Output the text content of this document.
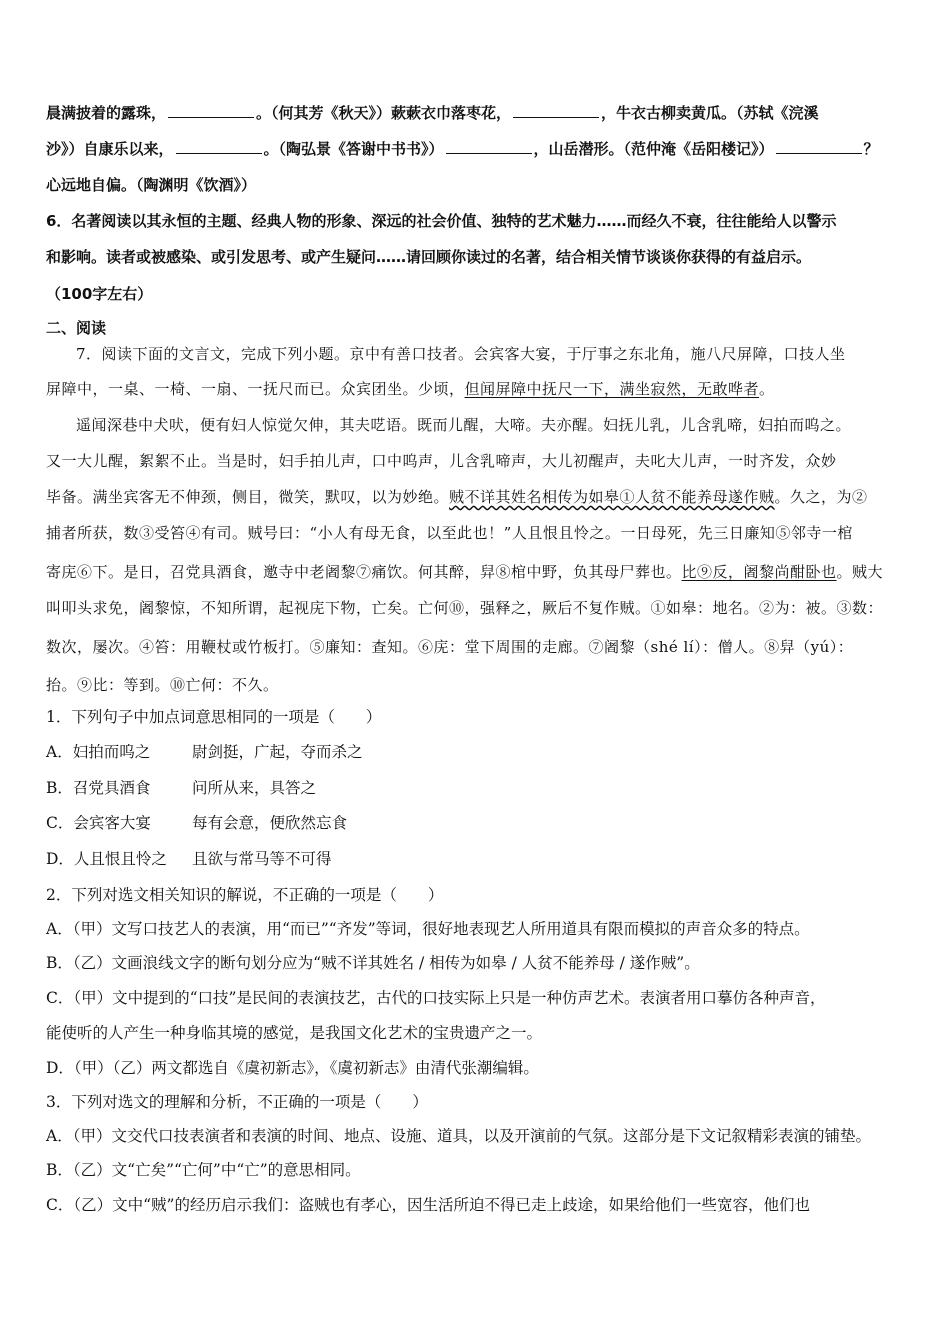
晨满披着的露珠，	。（何其芳《秋天》）蔌蔌衣巾落枣花，	，牛衣古柳卖黄瓜。（苏轼《浣溪
沙》）自康乐以来，	。（陶弘景《答谢中书书》）	，山岳潜形。（范仲淹《岳阳楼记》）	？
心远地自偏。（陶渊明《饮酒》）
6．名著阅读以其永恒的主题、经典人物的形象、深远的社会价值、独特的艺术魅力……而经久不衰，往往能给人以警示
和影响。读者或被感染、或引发思考、或产生疑问……请回顾你读过的名著，结合相关情节谈谈你获得的有益启示。
（100字左右）
二、阅读
7．阅读下面的文言文，完成下列小题。京中有善口技者。会宾客大宴，于厅事之东北角，施八尺屏障，口技人坐
屏障中，一桌、一椅、一扇、一抚尺而已。众宾团坐。少顷，但闻屏障中抚尺一下，满坐寂然，无敢哗者。
遥闻深巷中犬吠，便有妇人惊觉欠伸，其夫呓语。既而儿醒，大啼。夫亦醒。妇抚儿乳，儿含乳啼，妇拍而呜之。
又一大儿醒，絮絮不止。当是时，妇手拍儿声，口中呜声，儿含乳啼声，大儿初醒声，夫叱大儿声，一时齐发，众妙
毕备。满坐宾客无不伸颈，侧目，微笑，默叹，以为妙绝。贼不详其姓名相传为如皋①人贫不能养母遂作贼。久之，为②
捕者所获，数③受笞④有司。贼号曰：“小人有母无食，以至此也！”人且恨且怜之。一日母死，先三日廉知⑤邻寺一棺
寄庑⑥下。是日，召党具酒食，邀寺中老阇黎⑦痛饮。何其醉，舁⑧棺中野，负其母尸葬也。比⑨反，阇黎尚酣卧也。贼大
叫叩头求免，阇黎惊，不知所谓，起视庑下物，亡矣。亡何⑩，强释之，厥后不复作贼。①如皋：地名。②为：被。③数：
数次，屡次。④笞：用鞭杖或竹板打。⑤廉知：查知。⑥庑：堂下周围的走廊。⑦阇黎（shé lí）：僧人。⑧舁（yú）：
抬。⑨比：等到。⑩亡何：不久。
1．下列句子中加点词意思相同的一项是（　　）
A．妇拍而呜之	尉剑挺，广起，夺而杀之
B．召党具酒食	问所从来，具答之
C．会宾客大宴	每有会意，便欣然忘食
D．人且恨且怜之 且欲与常马等不可得
2．下列对选文相关知识的解说，不正确的一项是（　　）
A．（甲）文写口技艺人的表演，用“而已”“齐发”等词，很好地表现艺人所用道具有限而模拟的声音众多的特点。
B．（乙）文画浪线文字的断句划分应为“贼不详其姓名 / 相传为如皋 / 人贫不能养母 / 遂作贼”。
C．（甲）文中提到的“口技”是民间的表演技艺，古代的口技实际上只是一种仿声艺术。表演者用口摹仿各种声音，
能使听的人产生一种身临其境的感觉，是我国文化艺术的宝贵遗产之一。
D．（甲）（乙）两文都选自《虞初新志》，《虞初新志》由清代张潮编辑。
3．下列对选文的理解和分析，不正确的一项是（　　）
A．（甲）文交代口技表演者和表演的时间、地点、设施、道具，以及开演前的气氛。这部分是下文记叙精彩表演的铺垫。
B．（乙）文“亡矣”“亡何”中“亡”的意思相同。
C．（乙）文中“贼”的经历启示我们：盗贼也有孝心，因生活所迫不得已走上歧途，如果给他们一些宽容，他们也
